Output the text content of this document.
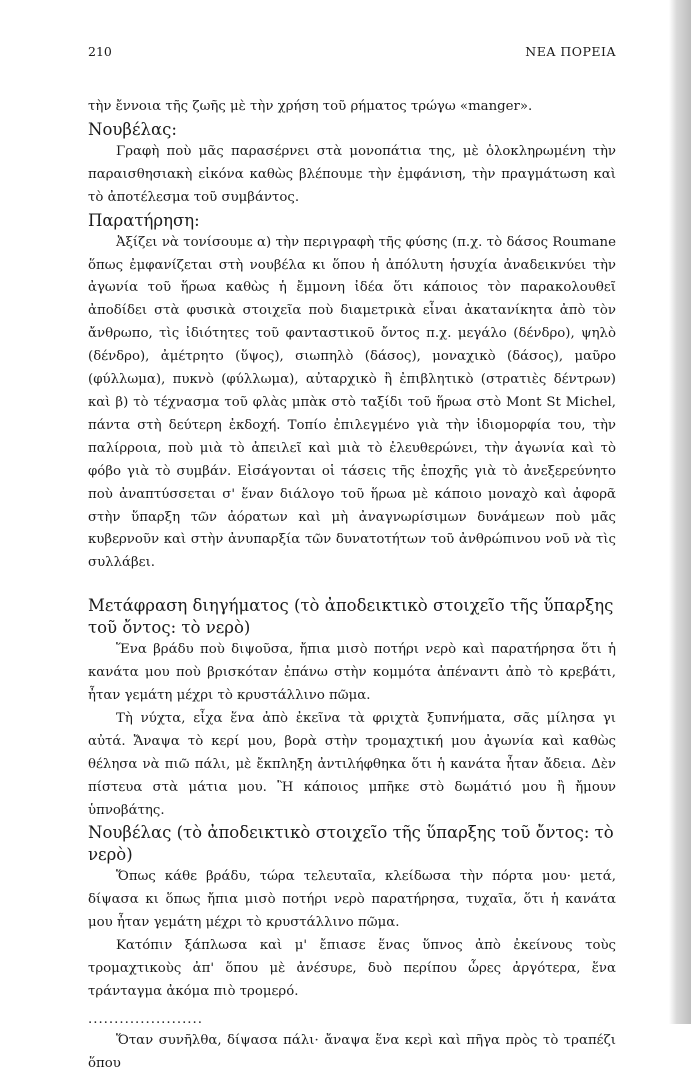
210	ΝΕΑ ΠΟΡΕΙΑ

τὴν ἔννοια τῆς ζωῆς μὲ τὴν χρήση τοῦ ρήματος τρώγω «manger».

Νουβέλας:

Γραφὴ ποὺ μᾶς παρασέρνει στὰ μονοπάτια της, μὲ ὁλοκληρωμένη τὴν παραισθησιακὴ εἰκόνα καθὼς βλέπουμε τὴν ἐμφάνιση, τὴν πραγμάτωση καὶ τὸ ἀποτέλεσμα τοῦ συμβάντος.

Παρατήρηση:

Ἀξίζει νὰ τονίσουμε α) τὴν περιγραφὴ τῆς φύσης (π.χ. τὸ δάσος Roumane ὅπως ἐμφανίζεται στὴ νουβέλα κι ὅπου ἡ ἀπόλυτη ἡσυχία ἀναδεικνύει τὴν ἀγωνία τοῦ ἥρωα καθὼς ἡ ἔμμονη ἰδέα ὅτι κάποιος τὸν παρακολουθεῖ ἀποδίδει στὰ φυσικὰ στοιχεῖα ποὺ διαμετρικὰ εἶναι ἀκατανίκητα ἀπὸ τὸν ἄνθρωπο, τὶς ἰδιότητες τοῦ φανταστικοῦ ὄντος π.χ. μεγάλο (δένδρο), ψηλὸ (δένδρο), ἀμέτρητο (ὕψος), σιωπηλὸ (δάσος), μοναχικὸ (δάσος), μαῦρο (φύλλωμα), πυκνὸ (φύλλωμα), αὐταρχικὸ ἢ ἐπιβλητικὸ (στρατιὲς δέντρων) καὶ β) τὸ τέχνασμα τοῦ φλὰς μπὰκ στὸ ταξίδι τοῦ ἥρωα στὸ Mont St Michel, πάντα στὴ δεύτερη ἐκδοχή. Τοπίο ἐπιλεγμένο γιὰ τὴν ἰδιομορφία του, τὴν παλίρροια, ποὺ μιὰ τὸ ἀπειλεῖ καὶ μιὰ τὸ ἐλευθερώνει, τὴν ἀγωνία καὶ τὸ φόβο γιὰ τὸ συμβάν. Εἰσάγονται οἱ τάσεις τῆς ἐποχῆς γιὰ τὸ ἀνεξερεύνητο ποὺ ἀναπτύσσεται σ' ἕναν διάλογο τοῦ ἥρωα μὲ κάποιο μοναχὸ καὶ ἀφορᾶ στὴν ὕπαρξη τῶν ἀόρατων καὶ μὴ ἀναγνωρίσιμων δυνάμεων ποὺ μᾶς κυβερνοῦν καὶ στὴν ἀνυπαρξία τῶν δυνατοτήτων τοῦ ἀνθρώπινου νοῦ νὰ τὶς συλλάβει.

Μετάφραση διηγήματος (τὸ ἀποδεικτικὸ στοιχεῖο τῆς ὕπαρξης τοῦ ὄντος: τὸ νερὸ)

Ἕνα βράδυ ποὺ διψοῦσα, ἤπια μισὸ ποτήρι νερὸ καὶ παρατήρησα ὅτι ἡ κανάτα μου ποὺ βρισκόταν ἐπάνω στὴν κομμότα ἀπέναντι ἀπὸ τὸ κρεβάτι, ἦταν γεμάτη μέχρι τὸ κρυστάλλινο πῶμα.

Τὴ νύχτα, εἶχα ἕνα ἀπὸ ἐκεῖνα τὰ φριχτὰ ξυπνήματα, σᾶς μίλησα γι αὐτά. Ἄναψα τὸ κερί μου, βορὰ στὴν τρομαχτική μου ἀγωνία καὶ καθὼς θέλησα νὰ πιῶ πάλι, μὲ ἔκπληξη ἀντιλήφθηκα ὅτι ἡ κανάτα ἦταν ἄδεια. Δὲν πίστευα στὰ μάτια μου. Ἢ κάποιος μπῆκε στὸ δωμάτιό μου ἢ ἤμουν ὑπνοβάτης.

Νουβέλας (τὸ ἀποδεικτικὸ στοιχεῖο τῆς ὕπαρξης τοῦ ὄντος: τὸ νερὸ)

Ὅπως κάθε βράδυ, τώρα τελευταῖα, κλείδωσα τὴν πόρτα μου· μετά, δίψασα κι ὅπως ἤπια μισὸ ποτήρι νερὸ παρατήρησα, τυχαῖα, ὅτι ἡ κανάτα μου ἦταν γεμάτη μέχρι τὸ κρυστάλλινο πῶμα.

Κατόπιν ξάπλωσα καὶ μ' ἔπιασε ἕνας ὕπνος ἀπὸ ἐκείνους τοὺς τρομαχτικοὺς ἀπ' ὅπου μὲ ἀνέσυρε, δυὸ περίπου ὧρες ἀργότερα, ἕνα τράνταγμα ἀκόμα πιὸ τρομερό.

......................

Ὅταν συνῆλθα, δίψασα πάλι· ἄναψα ἕνα κερὶ καὶ πῆγα πρὸς τὸ τραπέζι ὅπου
